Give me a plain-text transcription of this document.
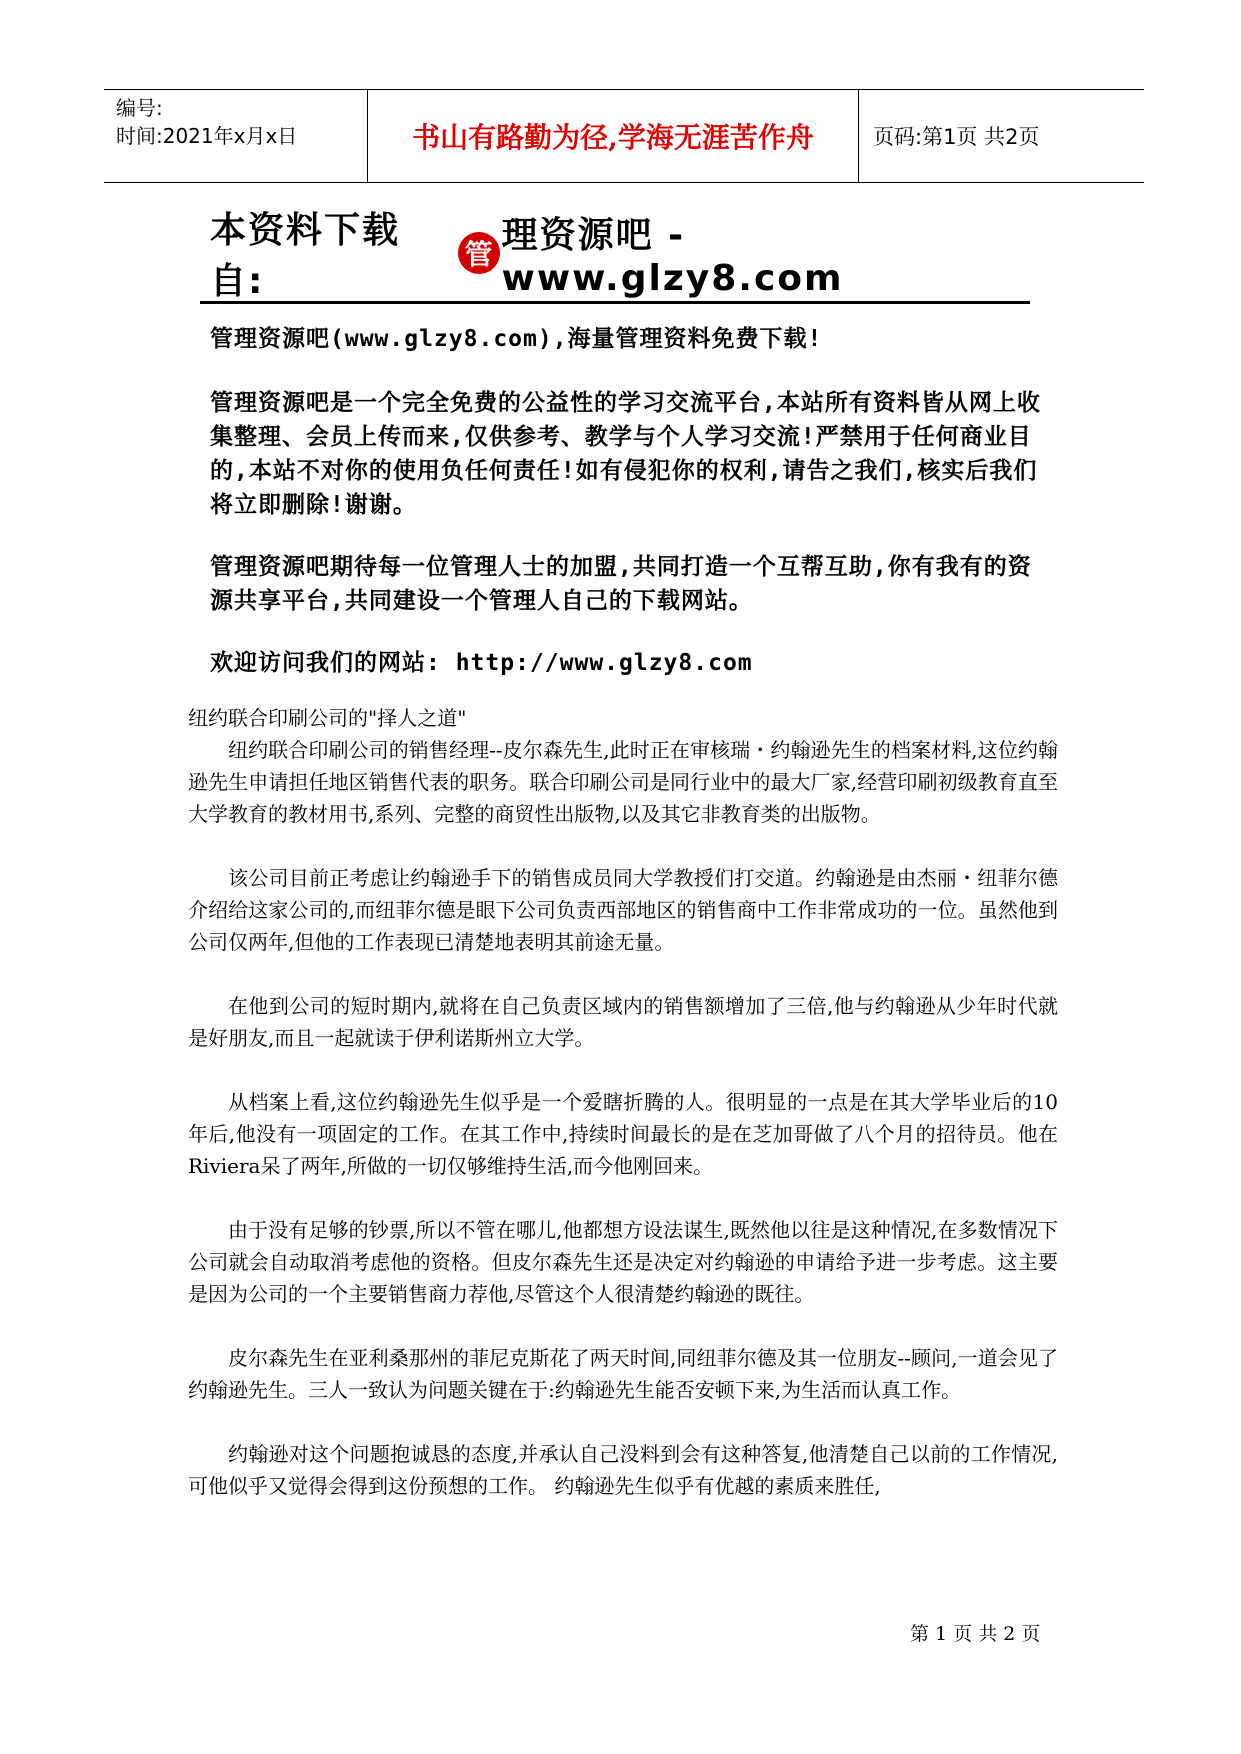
编号:
时间:2021年x月x日	书山有路勤为径,学海无涯苦作舟	页码:第1页 共2页
本资料下载自:
管 理资源吧 - www.glzy8.com
管理资源吧(www.glzy8.com),海量管理资料免费下载!
管理资源吧是一个完全免费的公益性的学习交流平台,本站所有资料皆从网上收集整理、会员上传而来,仅供参考、教学与个人学习交流!严禁用于任何商业目的,本站不对你的使用负任何责任!如有侵犯你的权利,请告之我们,核实后我们将立即删除!谢谢。
管理资源吧期待每一位管理人士的加盟,共同打造一个互帮互助,你有我有的资源共享平台,共同建设一个管理人自己的下载网站。
欢迎访问我们的网站: http://www.glzy8.com

纽约联合印刷公司的"择人之道"

纽约联合印刷公司的销售经理--皮尔森先生,此时正在审核瑞・约翰逊先生的档案材料,这位约翰逊先生申请担任地区销售代表的职务。联合印刷公司是同行业中的最大厂家,经营印刷初级教育直至大学教育的教材用书,系列、完整的商贸性出版物,以及其它非教育类的出版物。

该公司目前正考虑让约翰逊手下的销售成员同大学教授们打交道。约翰逊是由杰丽・纽菲尔德介绍给这家公司的,而纽菲尔德是眼下公司负责西部地区的销售商中工作非常成功的一位。虽然他到公司仅两年,但他的工作表现已清楚地表明其前途无量。

在他到公司的短时期内,就将在自己负责区域内的销售额增加了三倍,他与约翰逊从少年时代就是好朋友,而且一起就读于伊利诺斯州立大学。

从档案上看,这位约翰逊先生似乎是一个爱瞎折腾的人。很明显的一点是在其大学毕业后的10年后,他没有一项固定的工作。在其工作中,持续时间最长的是在芝加哥做了八个月的招待员。他在Riviera呆了两年,所做的一切仅够维持生活,而今他刚回来。

由于没有足够的钞票,所以不管在哪儿,他都想方设法谋生,既然他以往是这种情况,在多数情况下公司就会自动取消考虑他的资格。但皮尔森先生还是决定对约翰逊的申请给予进一步考虑。这主要是因为公司的一个主要销售商力荐他,尽管这个人很清楚约翰逊的既往。

皮尔森先生在亚利桑那州的菲尼克斯花了两天时间,同纽菲尔德及其一位朋友--顾问,一道会见了约翰逊先生。三人一致认为问题关键在于:约翰逊先生能否安顿下来,为生活而认真工作。

约翰逊对这个问题抱诚恳的态度,并承认自己没料到会有这种答复,他清楚自己以前的工作情况,可他似乎又觉得会得到这份预想的工作。 约翰逊先生似乎有优越的素质来胜任,

第 1 页 共 2 页
